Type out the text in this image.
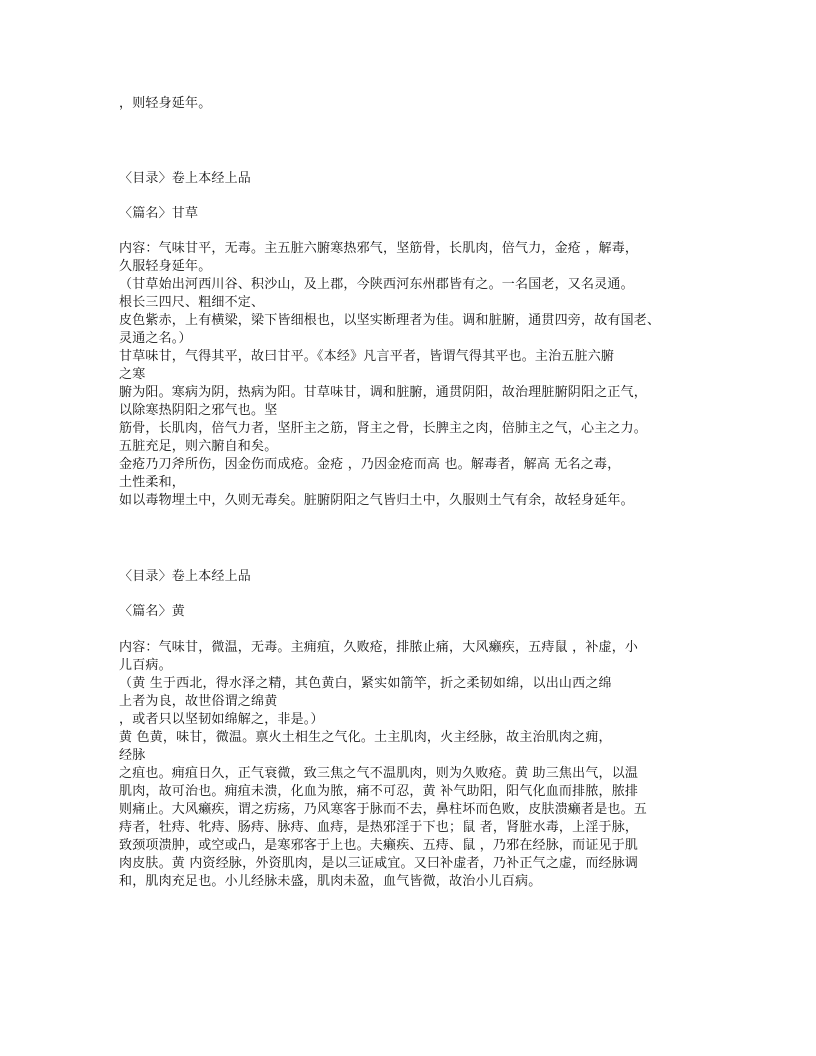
，则轻身延年。
〈目录〉卷上本经上品
〈篇名〉甘草
内容：气味甘平，无毒。主五脏六腑寒热邪气，坚筋骨，长肌肉，倍气力，金疮 ，解毒，
久服轻身延年。
（甘草始出河西川谷、积沙山，及上郡，今陕西河东州郡皆有之。一名国老，又名灵通。
根长三四尺、粗细不定、
皮色紫赤，上有横梁，梁下皆细根也，以坚实断理者为佳。调和脏腑，通贯四旁，故有国老、
灵通之名。）
甘草味甘，气得其平，故曰甘平。《本经》凡言平者，皆谓气得其平也。主治五脏六腑
之寒
腑为阳。寒病为阴，热病为阳。甘草味甘，调和脏腑，通贯阴阳，故治理脏腑阴阳之正气，
以除寒热阴阳之邪气也。坚
筋骨，长肌肉，倍气力者，坚肝主之筋，肾主之骨，长脾主之肉，倍肺主之气，心主之力。
五脏充足，则六腑自和矣。
金疮乃刀斧所伤，因金伤而成疮。金疮 ，乃因金疮而高 也。解毒者，解高 无名之毒，
土性柔和，
如以毒物埋土中，久则无毒矣。脏腑阴阳之气皆归土中，久服则土气有余，故轻身延年。
〈目录〉卷上本经上品
〈篇名〉黄
内容：气味甘，微温，无毒。主痈疽，久败疮，排脓止痛，大风癞疾，五痔鼠 ，补虚，小
儿百病。
（黄 生于西北，得水泽之精，其色黄白，紧实如箭竿，折之柔韧如绵，以出山西之绵
上者为良，故世俗谓之绵黄
，或者只以坚韧如绵解之，非是。）
黄 色黄，味甘，微温。禀火土相生之气化。土主肌肉，火主经脉，故主治肌肉之痈，
经脉
之疽也。痈疽日久，正气衰微，致三焦之气不温肌肉，则为久败疮。黄 助三焦出气，以温
肌肉，故可治也。痈疽未溃，化血为脓，痛不可忍，黄 补气助阳，阳气化血而排脓，脓排
则痛止。大风癞疾，谓之疠疡，乃风寒客于脉而不去，鼻柱坏而色败，皮肤溃癞者是也。五
痔者，牡痔、牝痔、肠痔、脉痔、血痔，是热邪淫于下也；鼠 者，肾脏水毒，上淫于脉，
致颈项溃肿，或空或凸，是寒邪客于上也。夫癞疾、五痔、鼠 ，乃邪在经脉，而证见于肌
肉皮肤。黄 内资经脉，外资肌肉，是以三证咸宜。又曰补虚者，乃补正气之虚，而经脉调
和，肌肉充足也。小儿经脉未盛，肌肉未盈，血气皆微，故治小儿百病。
